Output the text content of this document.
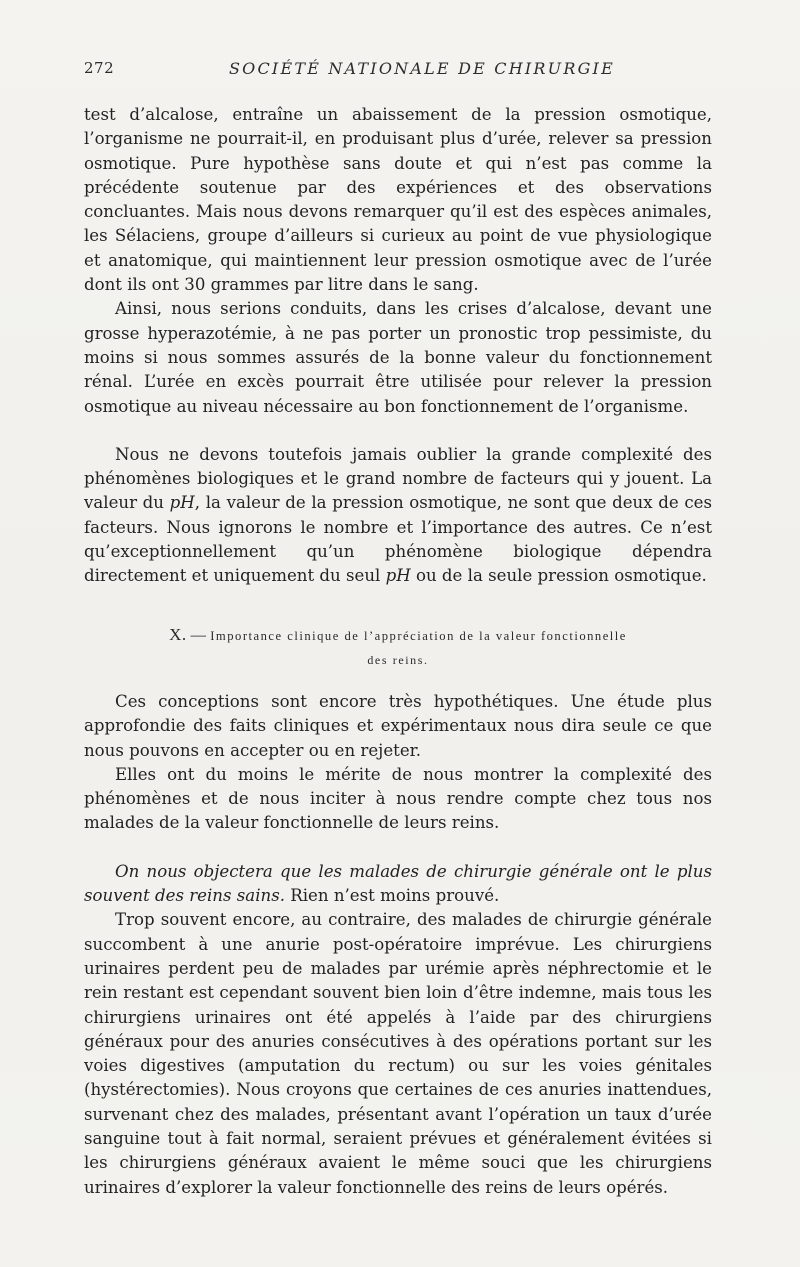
272	SOCIÉTÉ NATIONALE DE CHIRURGIE

test d’alcalose, entraîne un abaissement de la pression osmotique, l’organisme ne pourrait-il, en produisant plus d’urée, relever sa pression osmotique. Pure hypothèse sans doute et qui n’est pas comme la précédente soutenue par des expériences et des observations concluantes. Mais nous devons remarquer qu’il est des espèces animales, les Sélaciens, groupe d’ailleurs si curieux au point de vue physiologique et anatomique, qui maintiennent leur pression osmotique avec de l’urée dont ils ont 30 grammes par litre dans le sang.

Ainsi, nous serions conduits, dans les crises d’alcalose, devant une grosse hyperazotémie, à ne pas porter un pronostic trop pessimiste, du moins si nous sommes assurés de la bonne valeur du fonctionnement rénal. L’urée en excès pourrait être utilisée pour relever la pression osmotique au niveau nécessaire au bon fonctionnement de l’organisme.

Nous ne devons toutefois jamais oublier la grande complexité des phénomènes biologiques et le grand nombre de facteurs qui y jouent. La valeur du pH, la valeur de la pression osmotique, ne sont que deux de ces facteurs. Nous ignorons le nombre et l’importance des autres. Ce n’est qu’exceptionnellement qu’un phénomène biologique dépendra directement et uniquement du seul pH ou de la seule pression osmotique.

X. — Importance clinique de l’appréciation de la valeur fonctionnelle
des reins.

Ces conceptions sont encore très hypothétiques. Une étude plus approfondie des faits cliniques et expérimentaux nous dira seule ce que nous pouvons en accepter ou en rejeter.

Elles ont du moins le mérite de nous montrer la complexité des phénomènes et de nous inciter à nous rendre compte chez tous nos malades de la valeur fonctionnelle de leurs reins.

On nous objectera que les malades de chirurgie générale ont le plus souvent des reins sains. Rien n’est moins prouvé.

Trop souvent encore, au contraire, des malades de chirurgie générale succombent à une anurie post-opératoire imprévue. Les chirurgiens urinaires perdent peu de malades par urémie après néphrectomie et le rein restant est cependant souvent bien loin d’être indemne, mais tous les chirurgiens urinaires ont été appelés à l’aide par des chirurgiens généraux pour des anuries consécutives à des opérations portant sur les voies digestives (amputation du rectum) ou sur les voies génitales (hystérectomies). Nous croyons que certaines de ces anuries inattendues, survenant chez des malades, présentant avant l’opération un taux d’urée sanguine tout à fait normal, seraient prévues et généralement évitées si les chirurgiens généraux avaient le même souci que les chirurgiens urinaires d’explorer la valeur fonctionnelle des reins de leurs opérés.
